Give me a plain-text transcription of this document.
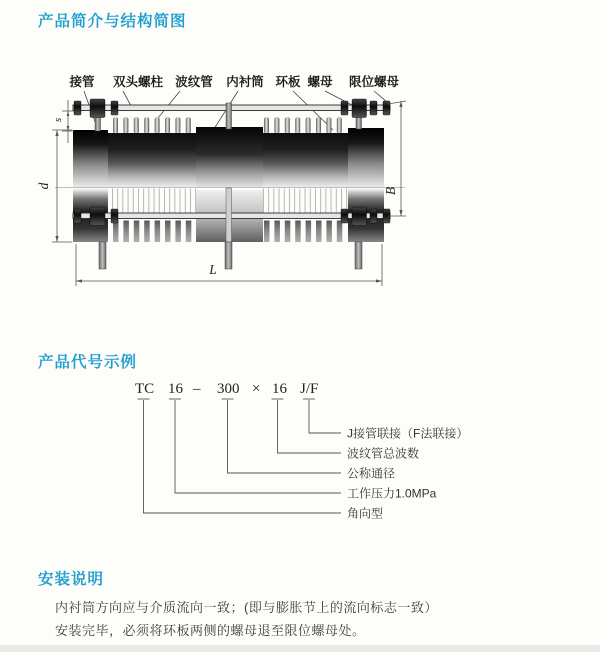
产品简介与结构简图
产品代号示例
安装说明
接管 双头螺柱 波纹管 内衬筒 环板 螺母 限位螺母
s
d
B
L
TC 16 – 300 × 16 J/F
J接管联接（F法联接）
波纹管总波数
公称通径
工作压力1.0MPa
角向型
内衬筒方向应与介质流向一致；(即与膨胀节上的流向标志一致）
安装完毕，必须将环板两侧的螺母退至限位螺母处。
